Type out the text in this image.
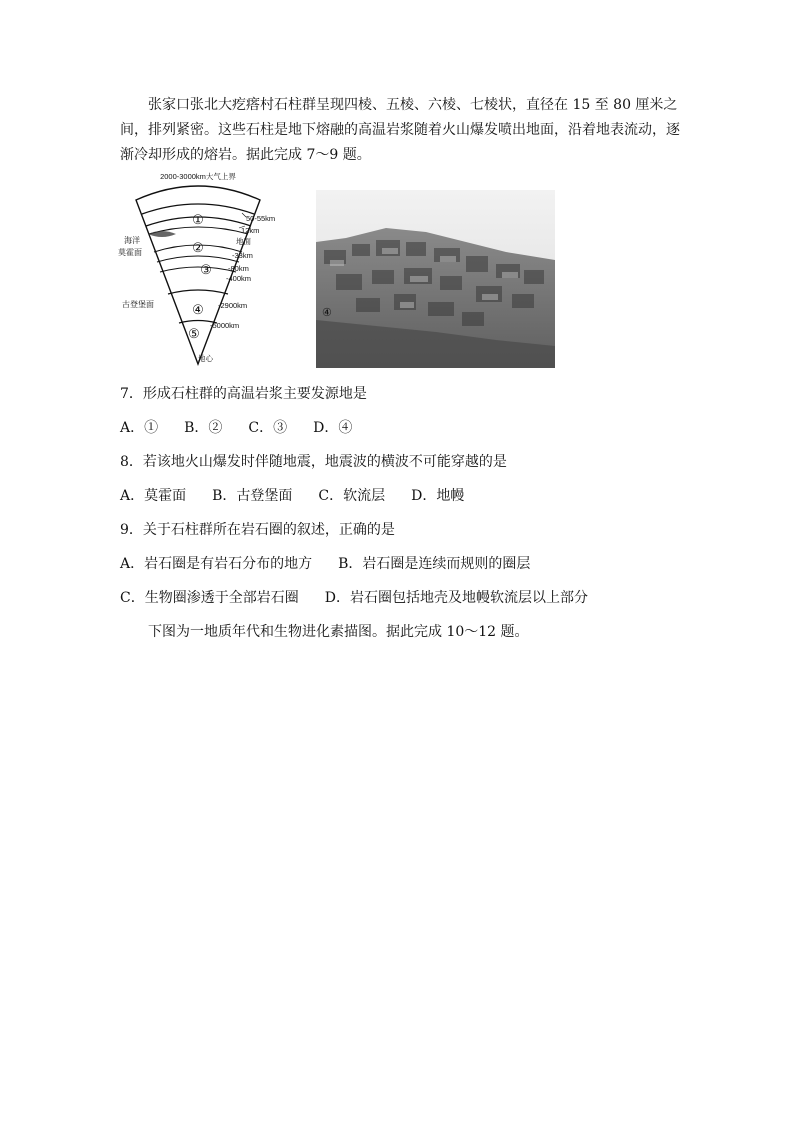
张家口张北大疙瘩村石柱群呈现四棱、五棱、六棱、七棱状，直径在 15 至 80 厘米之间，排列紧密。这些石柱是地下熔融的高温岩浆随着火山爆发喷出地面，沿着地表流动，逐渐冷却形成的熔岩。据此完成 7～9 题。

①
②
③
④
⑤
2000-3000km大气上界
50-55km
12km
地面
-33km
-80km
-400km
-2900km
-5000km
地心
海洋
莫霍面
古登堡面
④
7．形成石柱群的高温岩浆主要发源地是
A．① B．② C．③ D．④
8．若该地火山爆发时伴随地震，地震波的横波不可能穿越的是
A．莫霍面 B．古登堡面 C．软流层 D．地幔
9．关于石柱群所在岩石圈的叙述，正确的是
A．岩石圈是有岩石分布的地方 B．岩石圈是连续而规则的圈层
C．生物圈渗透于全部岩石圈 D．岩石圈包括地壳及地幔软流层以上部分
下图为一地质年代和生物进化素描图。据此完成 10～12 题。
